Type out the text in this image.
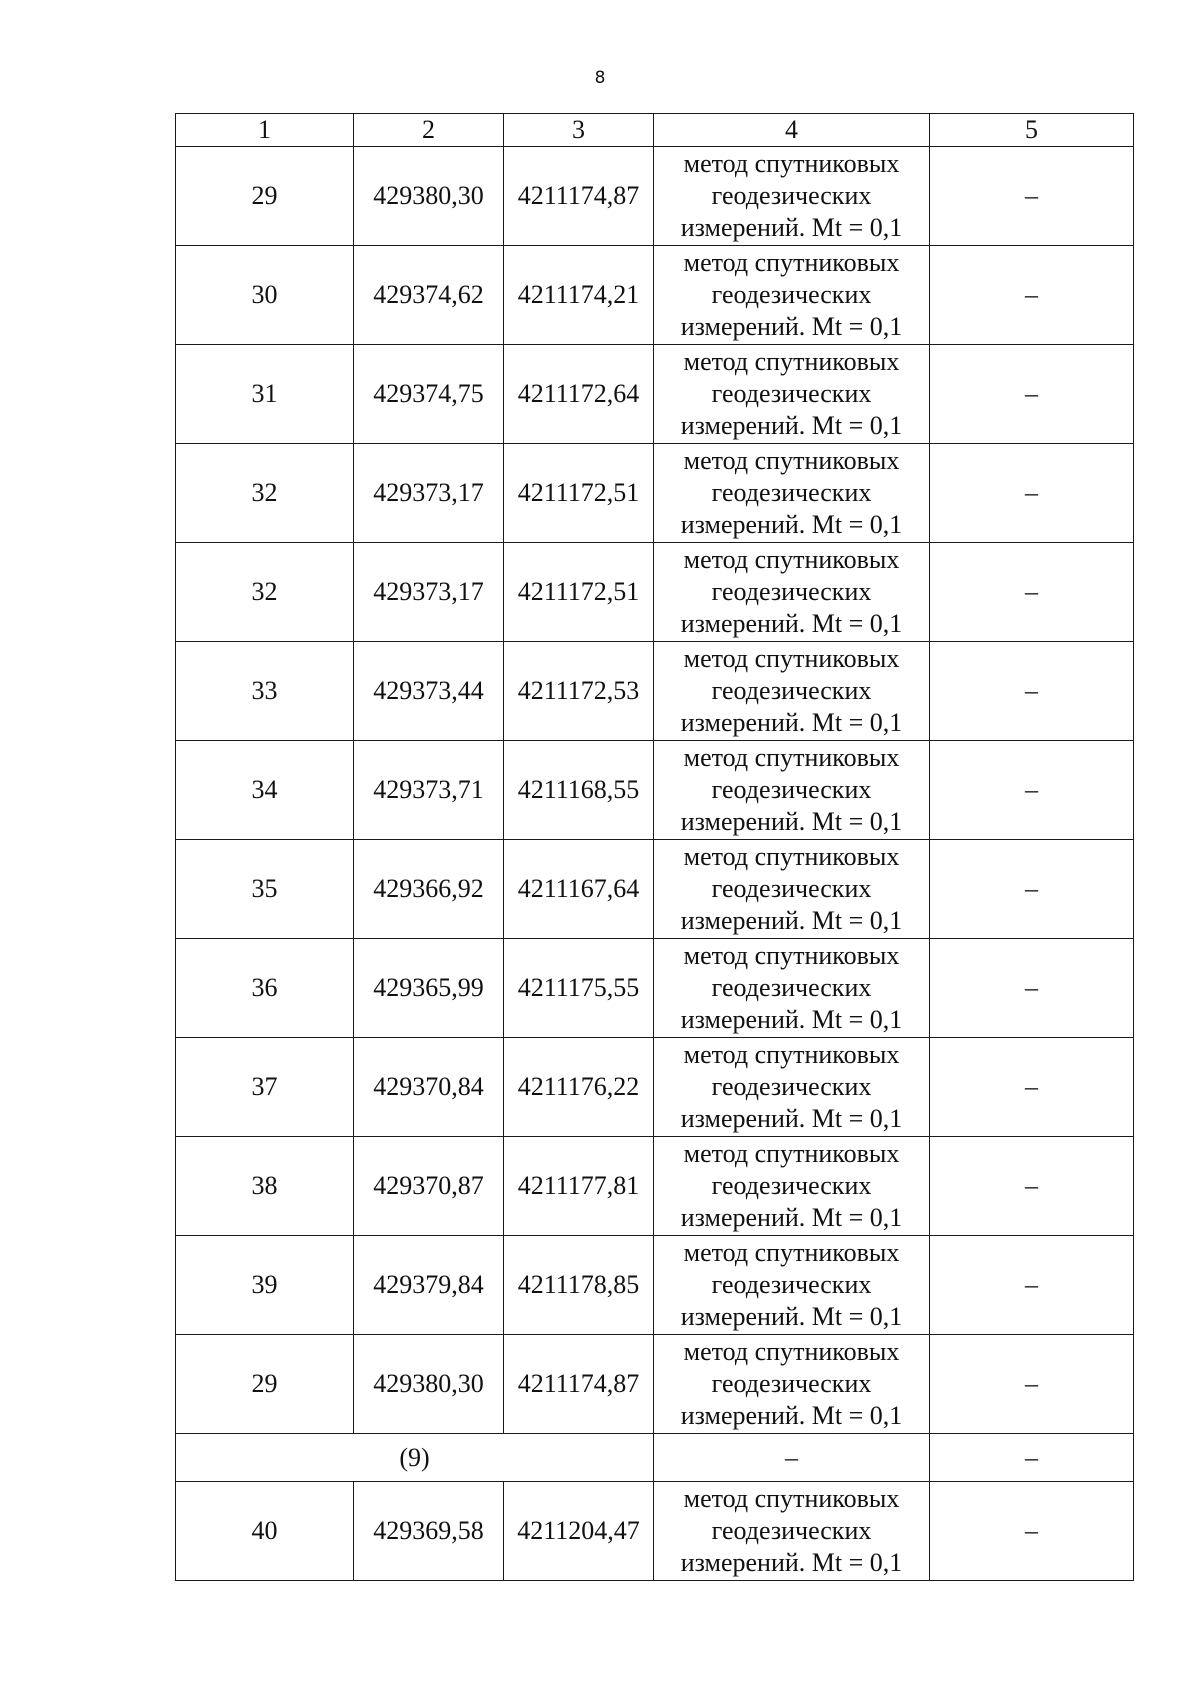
8
1	2	3	4	5
29	429380,30	4211174,87	метод спутниковых
геодезических
измерений. Mt = 0,1	–
30	429374,62	4211174,21	метод спутниковых
геодезических
измерений. Mt = 0,1	–
31	429374,75	4211172,64	метод спутниковых
геодезических
измерений. Mt = 0,1	–
32	429373,17	4211172,51	метод спутниковых
геодезических
измерений. Mt = 0,1	–
32	429373,17	4211172,51	метод спутниковых
геодезических
измерений. Mt = 0,1	–
33	429373,44	4211172,53	метод спутниковых
геодезических
измерений. Mt = 0,1	–
34	429373,71	4211168,55	метод спутниковых
геодезических
измерений. Mt = 0,1	–
35	429366,92	4211167,64	метод спутниковых
геодезических
измерений. Mt = 0,1	–
36	429365,99	4211175,55	метод спутниковых
геодезических
измерений. Mt = 0,1	–
37	429370,84	4211176,22	метод спутниковых
геодезических
измерений. Mt = 0,1	–
38	429370,87	4211177,81	метод спутниковых
геодезических
измерений. Mt = 0,1	–
39	429379,84	4211178,85	метод спутниковых
геодезических
измерений. Mt = 0,1	–
29	429380,30	4211174,87	метод спутниковых
геодезических
измерений. Mt = 0,1	–
(9)			–	–
40	429369,58	4211204,47	метод спутниковых
геодезических
измерений. Mt = 0,1	–
